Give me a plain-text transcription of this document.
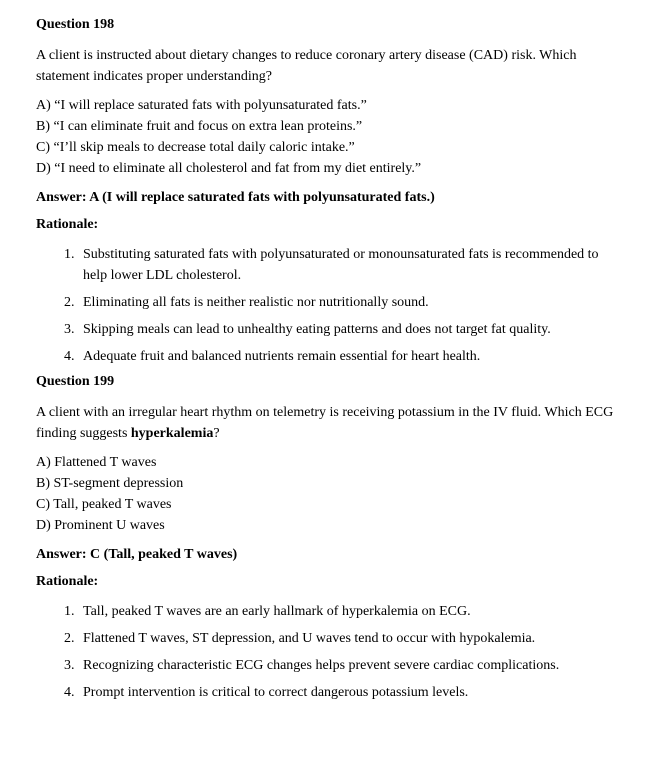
Question 198

A client is instructed about dietary changes to reduce coronary artery disease (CAD) risk. Which statement indicates proper understanding?

A) “I will replace saturated fats with polyunsaturated fats.”
B) “I can eliminate fruit and focus on extra lean proteins.”
C) “I’ll skip meals to decrease total daily caloric intake.”
D) “I need to eliminate all cholesterol and fat from my diet entirely.”

Answer: A (I will replace saturated fats with polyunsaturated fats.)

Rationale:

1. Substituting saturated fats with polyunsaturated or monounsaturated fats is recommended to help lower LDL cholesterol.
2. Eliminating all fats is neither realistic nor nutritionally sound.
3. Skipping meals can lead to unhealthy eating patterns and does not target fat quality.
4. Adequate fruit and balanced nutrients remain essential for heart health.
Question 199

A client with an irregular heart rhythm on telemetry is receiving potassium in the IV fluid. Which ECG finding suggests hyperkalemia?

A) Flattened T waves
B) ST-segment depression
C) Tall, peaked T waves
D) Prominent U waves

Answer: C (Tall, peaked T waves)

Rationale:

1. Tall, peaked T waves are an early hallmark of hyperkalemia on ECG.
2. Flattened T waves, ST depression, and U waves tend to occur with hypokalemia.
3. Recognizing characteristic ECG changes helps prevent severe cardiac complications.
4. Prompt intervention is critical to correct dangerous potassium levels.
